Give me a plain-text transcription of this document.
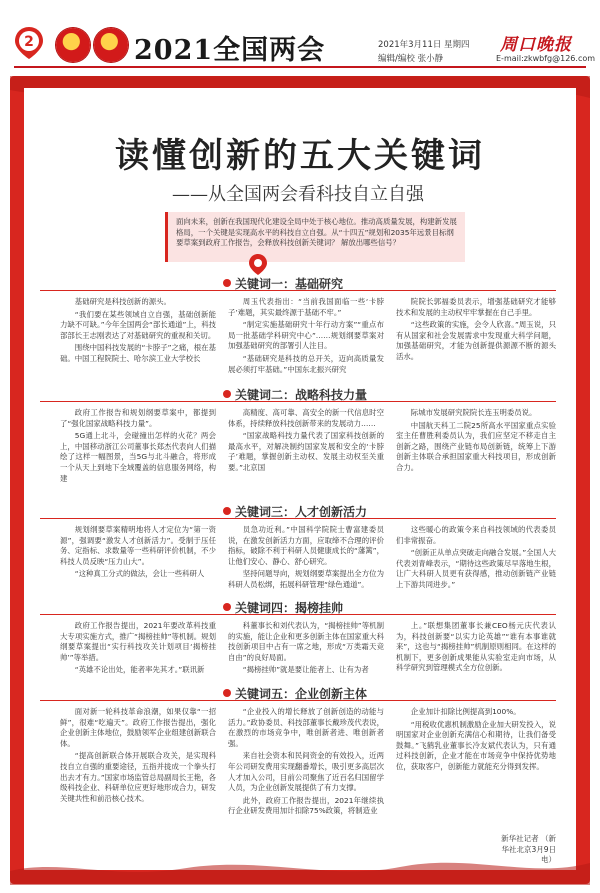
2	2021全国两会	2021年3月11日 星期四
编辑/编校 张小静
周口晚报
E-mail:zkwbfg@126.com
读懂创新的五大关键词
——从全国两会看科技自立自强
面向未来，创新在我国现代化建设全局中处于核心地位。推动高质量发展，构建新发展格局，一个关键是实现高水平的科技自立自强。从“十四五”规划和2035年远景目标纲要草案到政府工作报告，会释放科技创新关键词？ 解放出哪些信号？
关键词一：基础研究

基础研究是科技创新的源头。

“我们要在某些领域自立自强，基础创新能力缺不可缺。”今年全国两会“部长通道”上，科技部部长王志刚表达了对基础研究的重视和关切。

围绕中国科技发展的“卡脖子”之痛，根在基础。中国工程院院士、哈尔滨工业大学校长

周玉代表指出：“当前我国面临一些‘卡脖子’难题，其实最终源于基础不牢。”

“制定实施基础研究十年行动方案”“重点布局一批基础学科研究中心”……规划纲要草案对加强基础研究的部署引人注目。

“基础研究是科技的总开关，迈向高质量发展必须打牢基础。”中国东北振兴研究

院院长郭福委员表示，增强基础研究才能够技术和发展的主动权牢牢掌握在自己手里。

“这些政策的实施，会令人欣喜。”周玉说，只有从国家和社会发展需求中发现重大科学问题，加强基础研究，才能为创新提供源源不断的源头活水。

关键词二：战略科技力量

政府工作报告和规划纲要草案中，都提到了“强化国家战略科技力量”。

5G通上北斗，会碰撞出怎样的火花？两会上，中国移动浙江公司董事长郑杰代表向人们描绘了这样一幅图景，当5G与北斗融合，将形成一个从天上到地下全域覆盖的信息服务网络，构建

高精度、高可靠、高安全的新一代信息时空体系，持续释放科技创新带来的发展动力……

“国家战略科技力量代表了国家科技创新的最高水平，对解决制约国家发展和安全的‘卡脖子’难题，掌握创新主动权、发展主动权至关重要。”北京国

际城市发展研究院院长连玉明委员说。

中国航天科工二院25所高水平国家重点实验室主任曹胜利委员认为，我们应坚定不移走自主创新之路，围绕产业链布局创新链，统筹上下游创新主体联合承担国家重大科技项目，形成创新合力。

关键词三：人才创新活力

规划纲要草案精明地将人才定位为“第一资源”，强调要“激发人才创新活力”。受制于压任务、定指标、求数量等一些科研评价机制，不少科技人员反映“压力山大”。

“这种真工分式的做法，会让一些科研人

员急功近利。”中国科学院院士曹富建委员说，在激发创新活力方面，应取缔不合理的评价指标，破除不利于科研人员健康成长的“藩篱”，让他们安心、静心、舒心研究。

坚持问题导向，规划纲要草案提出全方位为科研人员松绑，拓展科研管理“绿色通道”。

这些暖心的政策令来自科技领域的代表委员们非常振奋。

“创新正从单点突破走向融合发展。”全国人大代表刘青峰表示，“期待这些政策尽早落地生根，让广大科研人员更有获得感，推动创新链产业链上下游共同进步。”

关键词四：揭榜挂帅

政府工作报告提出，2021年要改革科技重大专项实施方式，推广“揭榜挂帅”等机制。规划纲要草案提出“实行科技攻关计划项目‘揭榜挂帅’”等举措。

“英雄不论出处，能者率先其才。”联讯新

科董事长和刘代表认为，“揭榜挂帅”等机制的实施，能让企业和更多创新主体在国家重大科技创新项目中占有一席之地，形成“万类霜天竞自由”的良好局面。

“揭榜挂帅”就是要让能者上、让有为者

上。”联想集团董事长兼CEO杨元庆代表认为，科技创新要“以实力论英雄”“谁有本事谁就来”，这也与“揭榜挂帅”机制原则相同。在这样的机制下，更多创新成果能从实验室走向市场，从科学研究到管理模式全方位创新。

关键词五：企业创新主体

面对新一轮科技革命浪潮，如果仅靠“一招鲜”，很难“吃遍天”。政府工作报告提出，强化企业创新主体地位，鼓励领军企业组建创新联合体。

“提高创新联合体开展联合攻关，是实现科技自立自强的重要途径，五指并拢成一个拳头打出去才有力。”国家市场监管总局副局长王艳，各级科技企业、科研单位应更好地形成合力，研发关键共性和前沿核心技术。

“企业投入的增长释放了创新创造的动能与活力。”政协委员、科技部董事长戴珍茂代表说，在激烈的市场竞争中，唯创新者进、唯创新者强。

来自社会资本和民间资金的有效投入，近两年公司研发费用实现翻番增长，吸引更多高层次人才加入公司，目前公司聚焦了近百名归国留学人员，为企业创新发展提供了有力支撑。

此外，政府工作报告提出，2021年继续执行企业研发费用加计扣除75%政策，将制造业

企业加计扣除比例提高到100%。

“用税收优惠机制激励企业加大研发投入，说明国家对企业创新充满信心和期待，让我们备受鼓舞。”飞鹤乳业董事长冷友斌代表认为，只有通过科技创新，企业才能在市场竞争中保持优势地位，获取客户，创新能力就能充分得到发挥。

新华社记者 （新华社北京3月9日电）
